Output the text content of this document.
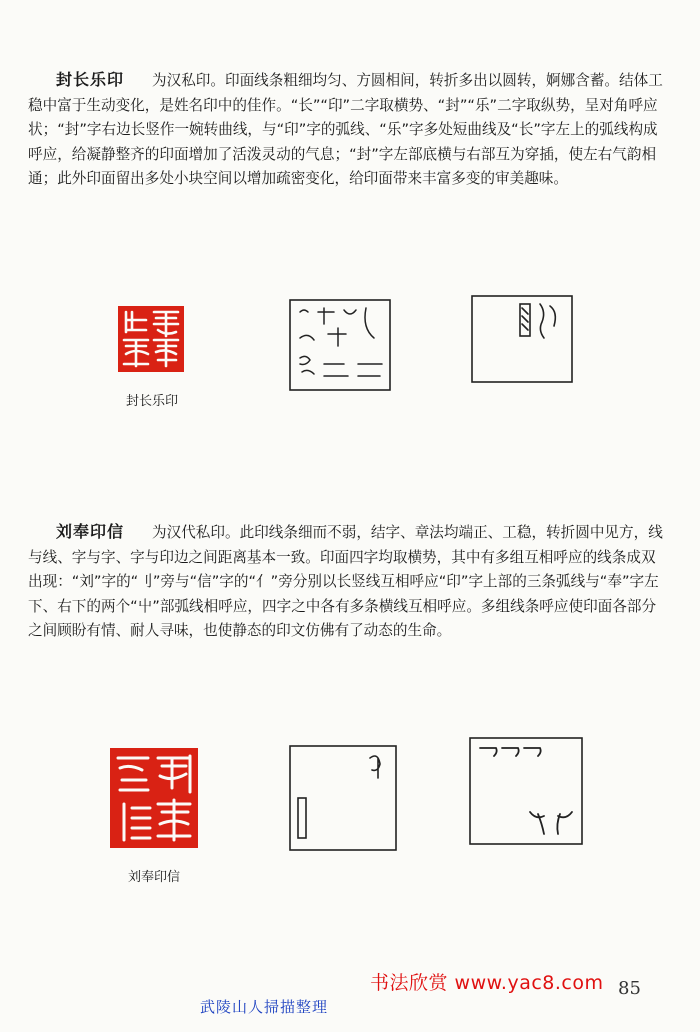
封长乐印 为汉私印。印面线条粗细均匀、方圆相间，转折多出以圆转，婀娜含蓄。结体工稳中富于生动变化，是姓名印中的佳作。“长”“印”二字取横势、“封”“乐”二字取纵势，呈对角呼应状；“封”字右边长竖作一婉转曲线，与“印”字的弧线、“乐”字多处短曲线及“长”字左上的弧线构成呼应，给凝静整齐的印面增加了活泼灵动的气息；“封”字左部底横与右部互为穿插，使左右气韵相通；此外印面留出多处小块空间以增加疏密变化，给印面带来丰富多变的审美趣味。

封长乐印

刘奉印信 为汉代私印。此印线条细而不弱，结字、章法均端正、工稳，转折圆中见方，线与线、字与字、字与印边之间距离基本一致。印面四字均取横势，其中有多组互相呼应的线条成双出现：“刘”字的“刂”旁与“信”字的“亻”旁分别以长竖线互相呼应“印”字上部的三条弧线与“奉”字左下、右下的两个“屮”部弧线相呼应，四字之中各有多条横线互相呼应。多组线条呼应使印面各部分之间顾盼有情、耐人寻味，也使静态的印文仿佛有了动态的生命。

刘奉印信
书法欣赏 www.yac8.com 85
武陵山人掃描整理
